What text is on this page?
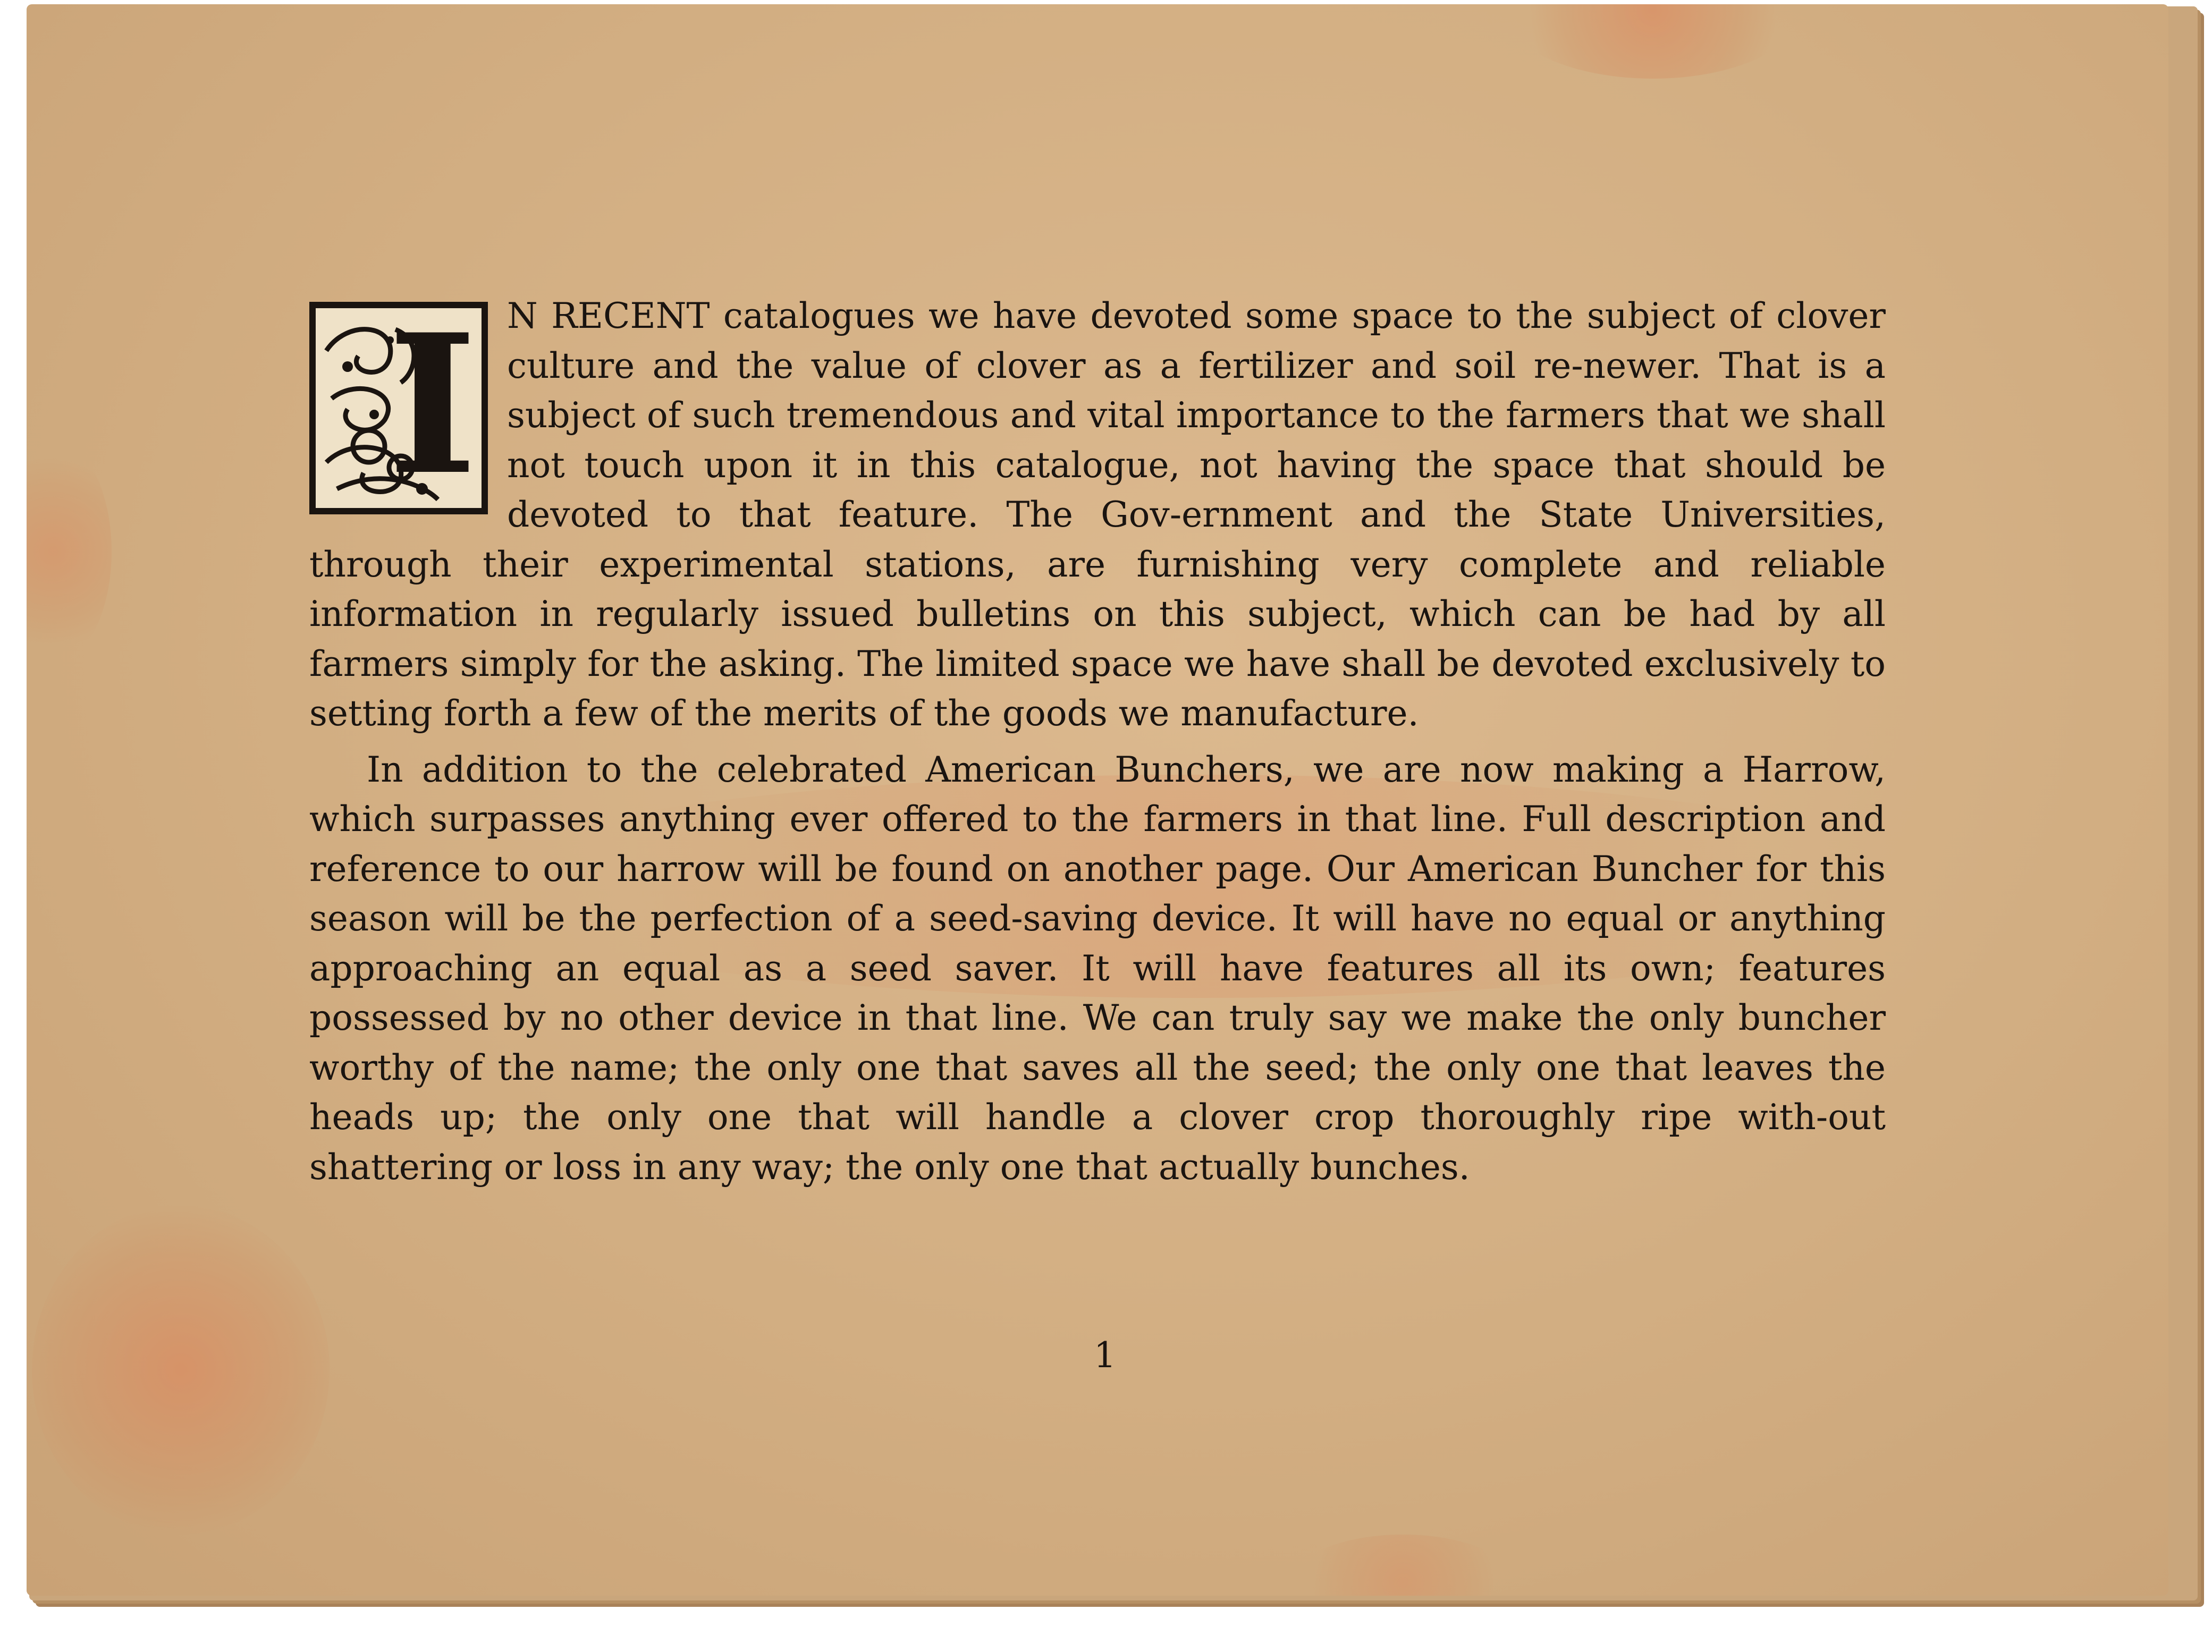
I N RECENT catalogues we have devoted some space to the subject of clover culture and the value of clover as a fertilizer and soil re-newer. That is a subject of such tremendous and vital importance to the farmers that we shall not touch upon it in this catalogue, not having the space that should be devoted to that feature. The Gov-ernment and the State Universities, through their experimental stations, are furnishing very complete and reliable information in regularly issued bulletins on this subject, which can be had by all farmers simply for the asking. The limited space we have shall be devoted exclusively to setting forth a few of the merits of the goods we manufacture.

In addition to the celebrated American Bunchers, we are now making a Harrow, which surpasses anything ever offered to the farmers in that line. Full description and reference to our harrow will be found on another page. Our American Buncher for this season will be the perfection of a seed-saving device. It will have no equal or anything approaching an equal as a seed saver. It will have features all its own; features possessed by no other device in that line. We can truly say we make the only buncher worthy of the name; the only one that saves all the seed; the only one that leaves the heads up; the only one that will handle a clover crop thoroughly ripe with-out shattering or loss in any way; the only one that actually bunches.

1
